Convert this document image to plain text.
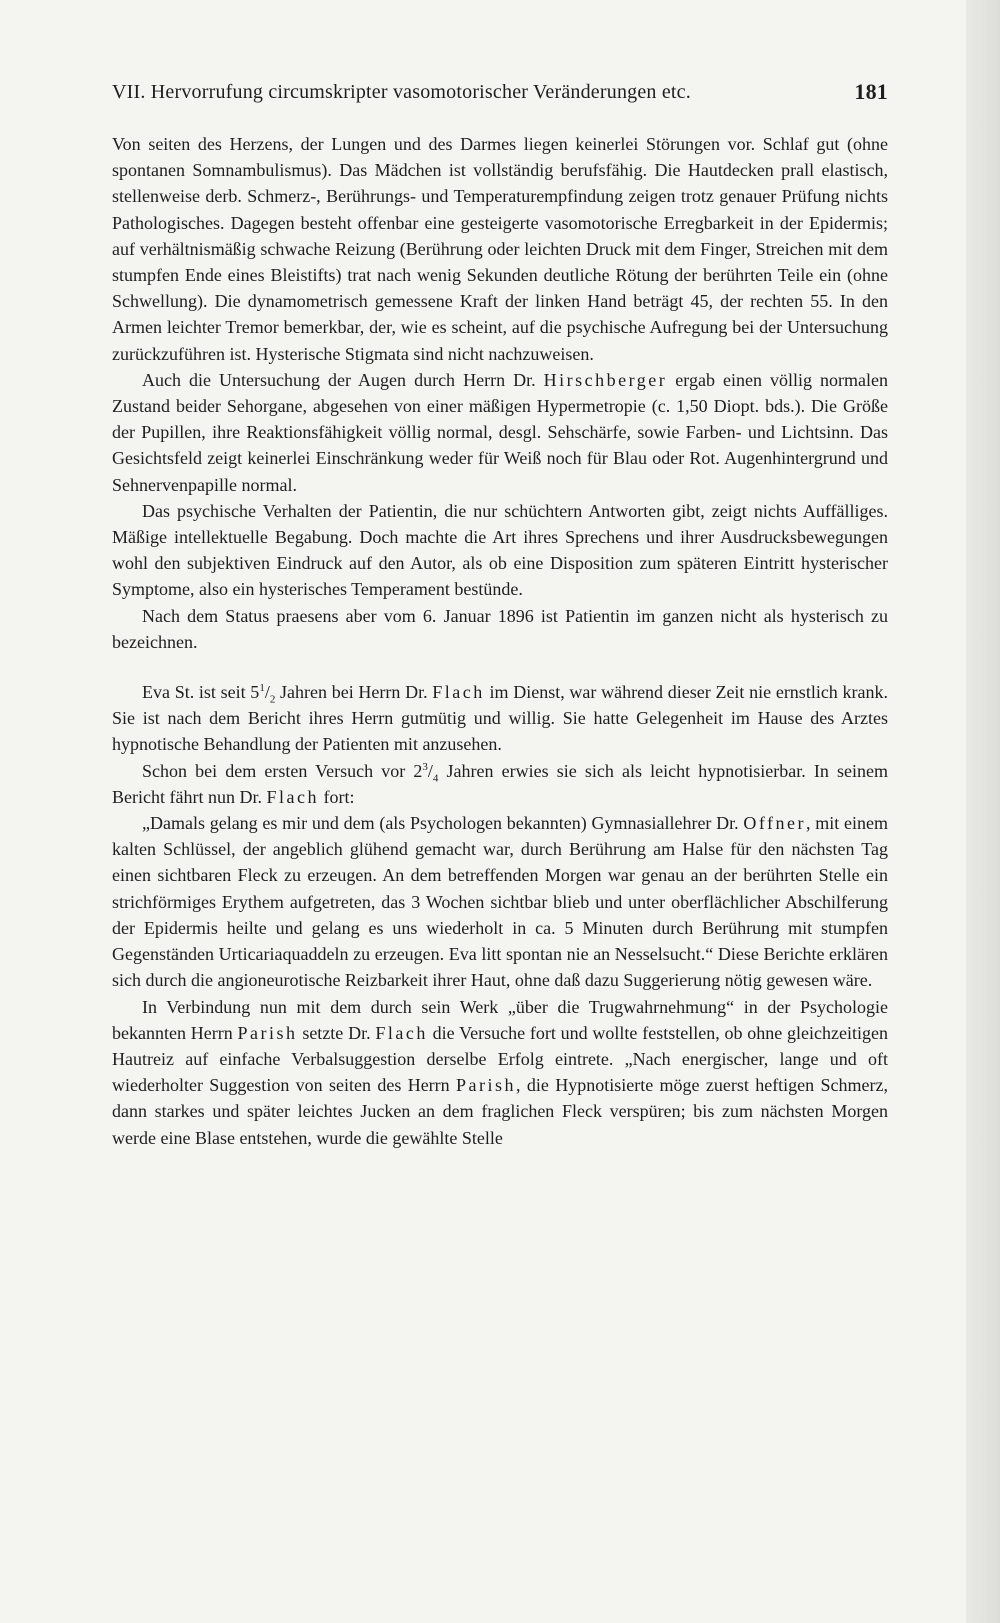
VII. Hervorrufung circumskripter vasomotorischer Veränderungen etc.	181

Von seiten des Herzens, der Lungen und des Darmes liegen keinerlei Störungen vor. Schlaf gut (ohne spontanen Somnambulismus). Das Mädchen ist vollständig berufsfähig. Die Hautdecken prall elastisch, stellenweise derb. Schmerz-, Berührungs- und Temperaturempfindung zeigen trotz genauer Prüfung nichts Pathologisches. Dagegen besteht offenbar eine gesteigerte vasomotorische Erregbarkeit in der Epidermis; auf verhältnismäßig schwache Reizung (Berührung oder leichten Druck mit dem Finger, Streichen mit dem stumpfen Ende eines Bleistifts) trat nach wenig Sekunden deutliche Rötung der berührten Teile ein (ohne Schwellung). Die dynamometrisch gemessene Kraft der linken Hand beträgt 45, der rechten 55. In den Armen leichter Tremor bemerkbar, der, wie es scheint, auf die psychische Aufregung bei der Untersuchung zurückzuführen ist. Hysterische Stigmata sind nicht nachzuweisen.

Auch die Untersuchung der Augen durch Herrn Dr. Hirschberger ergab einen völlig normalen Zustand beider Sehorgane, abgesehen von einer mäßigen Hypermetropie (c. 1,50 Diopt. bds.). Die Größe der Pupillen, ihre Reaktionsfähigkeit völlig normal, desgl. Sehschärfe, sowie Farben- und Lichtsinn. Das Gesichtsfeld zeigt keinerlei Einschränkung weder für Weiß noch für Blau oder Rot. Augenhintergrund und Sehnervenpapille normal.

Das psychische Verhalten der Patientin, die nur schüchtern Antworten gibt, zeigt nichts Auffälliges. Mäßige intellektuelle Begabung. Doch machte die Art ihres Sprechens und ihrer Ausdrucksbewegungen wohl den subjektiven Eindruck auf den Autor, als ob eine Disposition zum späteren Eintritt hysterischer Symptome, also ein hysterisches Temperament bestünde.

Nach dem Status praesens aber vom 6. Januar 1896 ist Patientin im ganzen nicht als hysterisch zu bezeichnen.

Eva St. ist seit $5^1/_2$ Jahren bei Herrn Dr. Flach im Dienst, war während dieser Zeit nie ernstlich krank. Sie ist nach dem Bericht ihres Herrn gutmütig und willig. Sie hatte Gelegenheit im Hause des Arztes hypnotische Behandlung der Patienten mit anzusehen.

Schon bei dem ersten Versuch vor $2^3/_4$ Jahren erwies sie sich als leicht hypnotisierbar. In seinem Bericht fährt nun Dr. Flach fort:

„Damals gelang es mir und dem (als Psychologen bekannten) Gymnasiallehrer Dr. Offner, mit einem kalten Schlüssel, der angeblich glühend gemacht war, durch Berührung am Halse für den nächsten Tag einen sichtbaren Fleck zu erzeugen. An dem betreffenden Morgen war genau an der berührten Stelle ein strichförmiges Erythem aufgetreten, das 3 Wochen sichtbar blieb und unter oberflächlicher Abschilferung der Epidermis heilte und gelang es uns wiederholt in ca. 5 Minuten durch Berührung mit stumpfen Gegenständen Urticariaquaddeln zu erzeugen. Eva litt spontan nie an Nesselsucht.“ Diese Berichte erklären sich durch die angioneurotische Reizbarkeit ihrer Haut, ohne daß dazu Suggerierung nötig gewesen wäre.

In Verbindung nun mit dem durch sein Werk „über die Trugwahrnehmung“ in der Psychologie bekannten Herrn Parish setzte Dr. Flach die Versuche fort und wollte feststellen, ob ohne gleichzeitigen Hautreiz auf einfache Verbalsuggestion derselbe Erfolg eintrete. „Nach energischer, lange und oft wiederholter Suggestion von seiten des Herrn Parish, die Hypnotisierte möge zuerst heftigen Schmerz, dann starkes und später leichtes Jucken an dem fraglichen Fleck verspüren; bis zum nächsten Morgen werde eine Blase entstehen, wurde die gewählte Stelle
